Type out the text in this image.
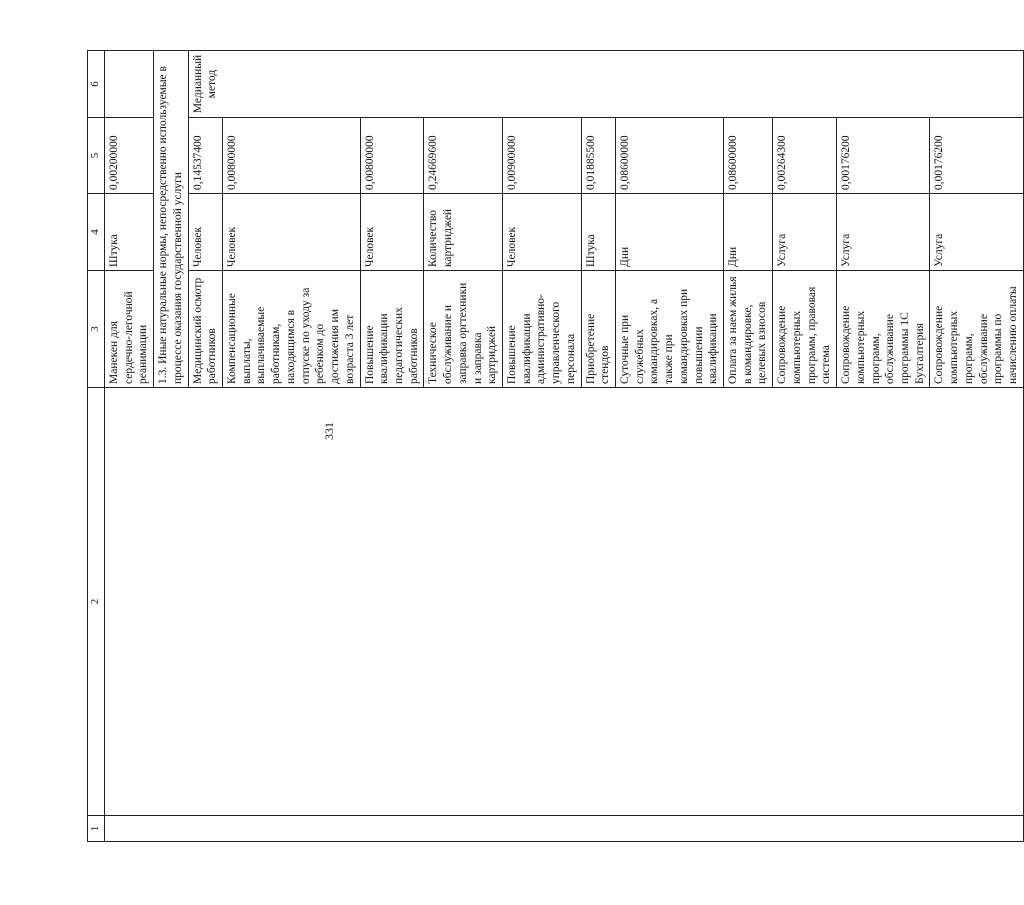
331
1	2	3	4	5	6
		Манекен для сердечно-легочной реанимации	Штука	0,00200000	
		1.3. Иные натуральные нормы, непосредственно используемые в процессе оказания государственной услуги			
		Медицинский осмотр работников	Человек	0,14537400	Медианный метод
		Компенсационные выплаты, выплачиваемые работникам, находящимся в отпуске по уходу за ребенком до достижения им возраста 3 лет	Человек	0,00800000	
		Повышение квалификации педагогических работников	Человек	0,00800000	
		Техническое обслуживание и заправка оргтехники и заправка картриджей	Количество картриджей	0,24669600	
		Повышение квалификации административно-управленческого персонала	Человек	0,00900000	
		Приобретение стендов	Штука	0,01885500	
		Суточные при служебных командировках, а также при командировках при повышении квалификации	Дни	0,08600000	
		Оплата за наем жилья в командировке, целевых взносов	Дни	0,08600000	
		Сопровождение компьютерных программ, правовая система	Услуга	0,00264300	
		Сопровождение компьютерных программ, обслуживание программы 1С Бухгалтерия	Услуга	0,00176200	
		Сопровождение компьютерных программ, обслуживание программы по начислению оплаты	Услуга	0,00176200	
